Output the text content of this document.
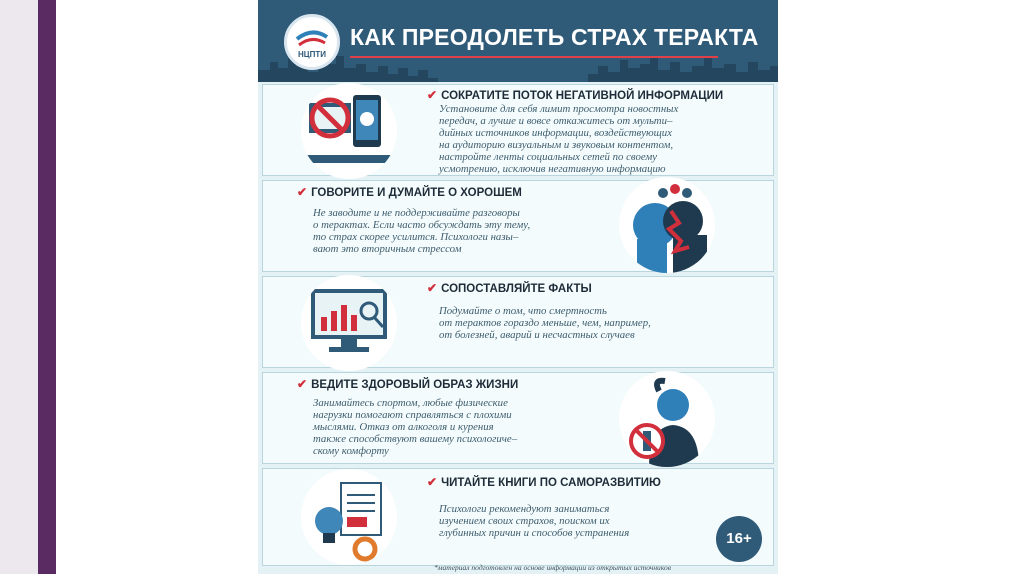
НЦПТИ
КАК ПРЕОДОЛЕТЬ СТРАХ ТЕРАКТА
✔ СОКРАТИТЕ ПОТОК НЕГАТИВНОЙ ИНФОРМАЦИИ
Установите для себя лимит просмотра новостных
передач, а лучше и вовсе откажитесь от мульти–
дийных источников информации, воздействующих
на аудиторию визуальным и звуковым контентом,
настройте ленты социальных сетей по своему
усмотрению, исключив негативную информацию
✔ ГОВОРИТЕ И ДУМАЙТЕ О ХОРОШЕМ
Не заводите и не поддерживайте разговоры
о терактах. Если часто обсуждать эту тему,
то страх скорее усилится. Психологи назы–
вают это вторичным стрессом
✔ СОПОСТАВЛЯЙТЕ ФАКТЫ
Подумайте о том, что смертность
от терактов гораздо меньше, чем, например,
от болезней, аварий и несчастных случаев
✔ ВЕДИТЕ ЗДОРОВЫЙ ОБРАЗ ЖИЗНИ
Занимайтесь спортом, любые физические
нагрузки помогают справляться с плохими
мыслями. Отказ от алкоголя и курения
также способствуют вашему психологиче–
скому комфорту
✔ ЧИТАЙТЕ КНИГИ ПО САМОРАЗВИТИЮ
Психологи рекомендуют заниматься
изучением своих страхов, поиском их
глубинных причин и способов устранения	16+
*материал подготовлен на основе информации из открытых источников
